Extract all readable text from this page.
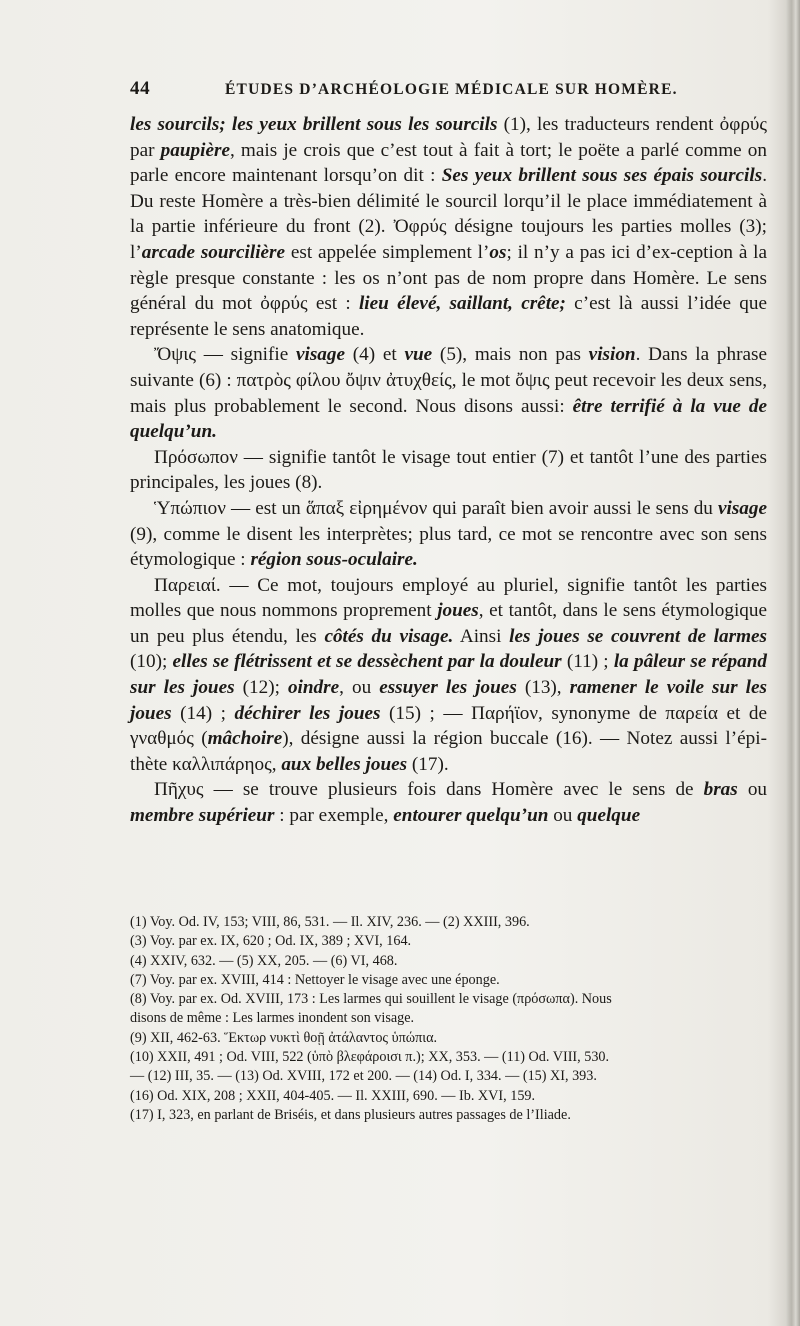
44	ÉTUDES D’ARCHÉOLOGIE MÉDICALE SUR HOMÈRE.

les sourcils; les yeux brillent sous les sourcils (1), les traducteurs rendent ὀφρύς par paupière, mais je crois que c’est tout à fait à tort; le poëte a parlé comme on parle encore maintenant lorsqu’on dit : Ses yeux brillent sous ses épais sourcils. Du reste Homère a très-bien délimité le sourcil lorqu’il le place immédiatement à la partie inférieure du front (2). Ὀφρύς désigne toujours les parties molles (3); l’arcade sourcilière est appelée simplement l’os; il n’y a pas ici d’ex-ception à la règle presque constante : les os n’ont pas de nom propre dans Homère. Le sens général du mot ὀφρύς est : lieu élevé, saillant, crête; c’est là aussi l’idée que représente le sens anatomique.

Ὄψις — signifie visage (4) et vue (5), mais non pas vision. Dans la phrase suivante (6) : πατρὸς φίλου ὄψιν ἀτυχθείς, le mot ὄψις peut recevoir les deux sens, mais plus probablement le second. Nous disons aussi: être terrifié à la vue de quelqu’un.

Πρόσωπον — signifie tantôt le visage tout entier (7) et tantôt l’une des parties principales, les joues (8).

Ὑπώπιον — est un ἅπαξ εἰρημένον qui paraît bien avoir aussi le sens du visage (9), comme le disent les interprètes; plus tard, ce mot se rencontre avec son sens étymologique : région sous-oculaire.

Παρειαί. — Ce mot, toujours employé au pluriel, signifie tantôt les parties molles que nous nommons proprement joues, et tantôt, dans le sens étymologique un peu plus étendu, les côtés du visage. Ainsi les joues se couvrent de larmes (10); elles se flétrissent et se dessèchent par la douleur (11) ; la pâleur se répand sur les joues (12); oindre, ou essuyer les joues (13), ramener le voile sur les joues (14) ; déchirer les joues (15) ; — Παρήϊον, synonyme de παρεία et de γναθμός (mâchoire), désigne aussi la région buccale (16). — Notez aussi l’épi-thète καλλιπάρηος, aux belles joues (17).

Πῆχυς — se trouve plusieurs fois dans Homère avec le sens de bras ou membre supérieur : par exemple, entourer quelqu’un ou quelque

(1) Voy. Od. IV, 153; VIII, 86, 531. — Il. XIV, 236. — (2) XXIII, 396.
(3) Voy. par ex. IX, 620 ; Od. IX, 389 ; XVI, 164.
(4) XXIV, 632. — (5) XX, 205. — (6) VI, 468.
(7) Voy. par ex. XVIII, 414 : Nettoyer le visage avec une éponge.
(8) Voy. par ex. Od. XVIII, 173 : Les larmes qui souillent le visage (πρόσωπα). Nous
disons de même : Les larmes inondent son visage.
(9) XII, 462-63. Ἕκτωρ νυκτὶ θοῇ ἀτάλαντος ὑπώπια.
(10) XXII, 491 ; Od. VIII, 522 (ὑπὸ βλεφάροισι π.); XX, 353. — (11) Od. VIII, 530.
— (12) III, 35. — (13) Od. XVIII, 172 et 200. — (14) Od. I, 334. — (15) XI, 393.
(16) Od. XIX, 208 ; XXII, 404-405. — Il. XXIII, 690. — Ib. XVI, 159.
(17) I, 323, en parlant de Briséis, et dans plusieurs autres passages de l’Iliade.
